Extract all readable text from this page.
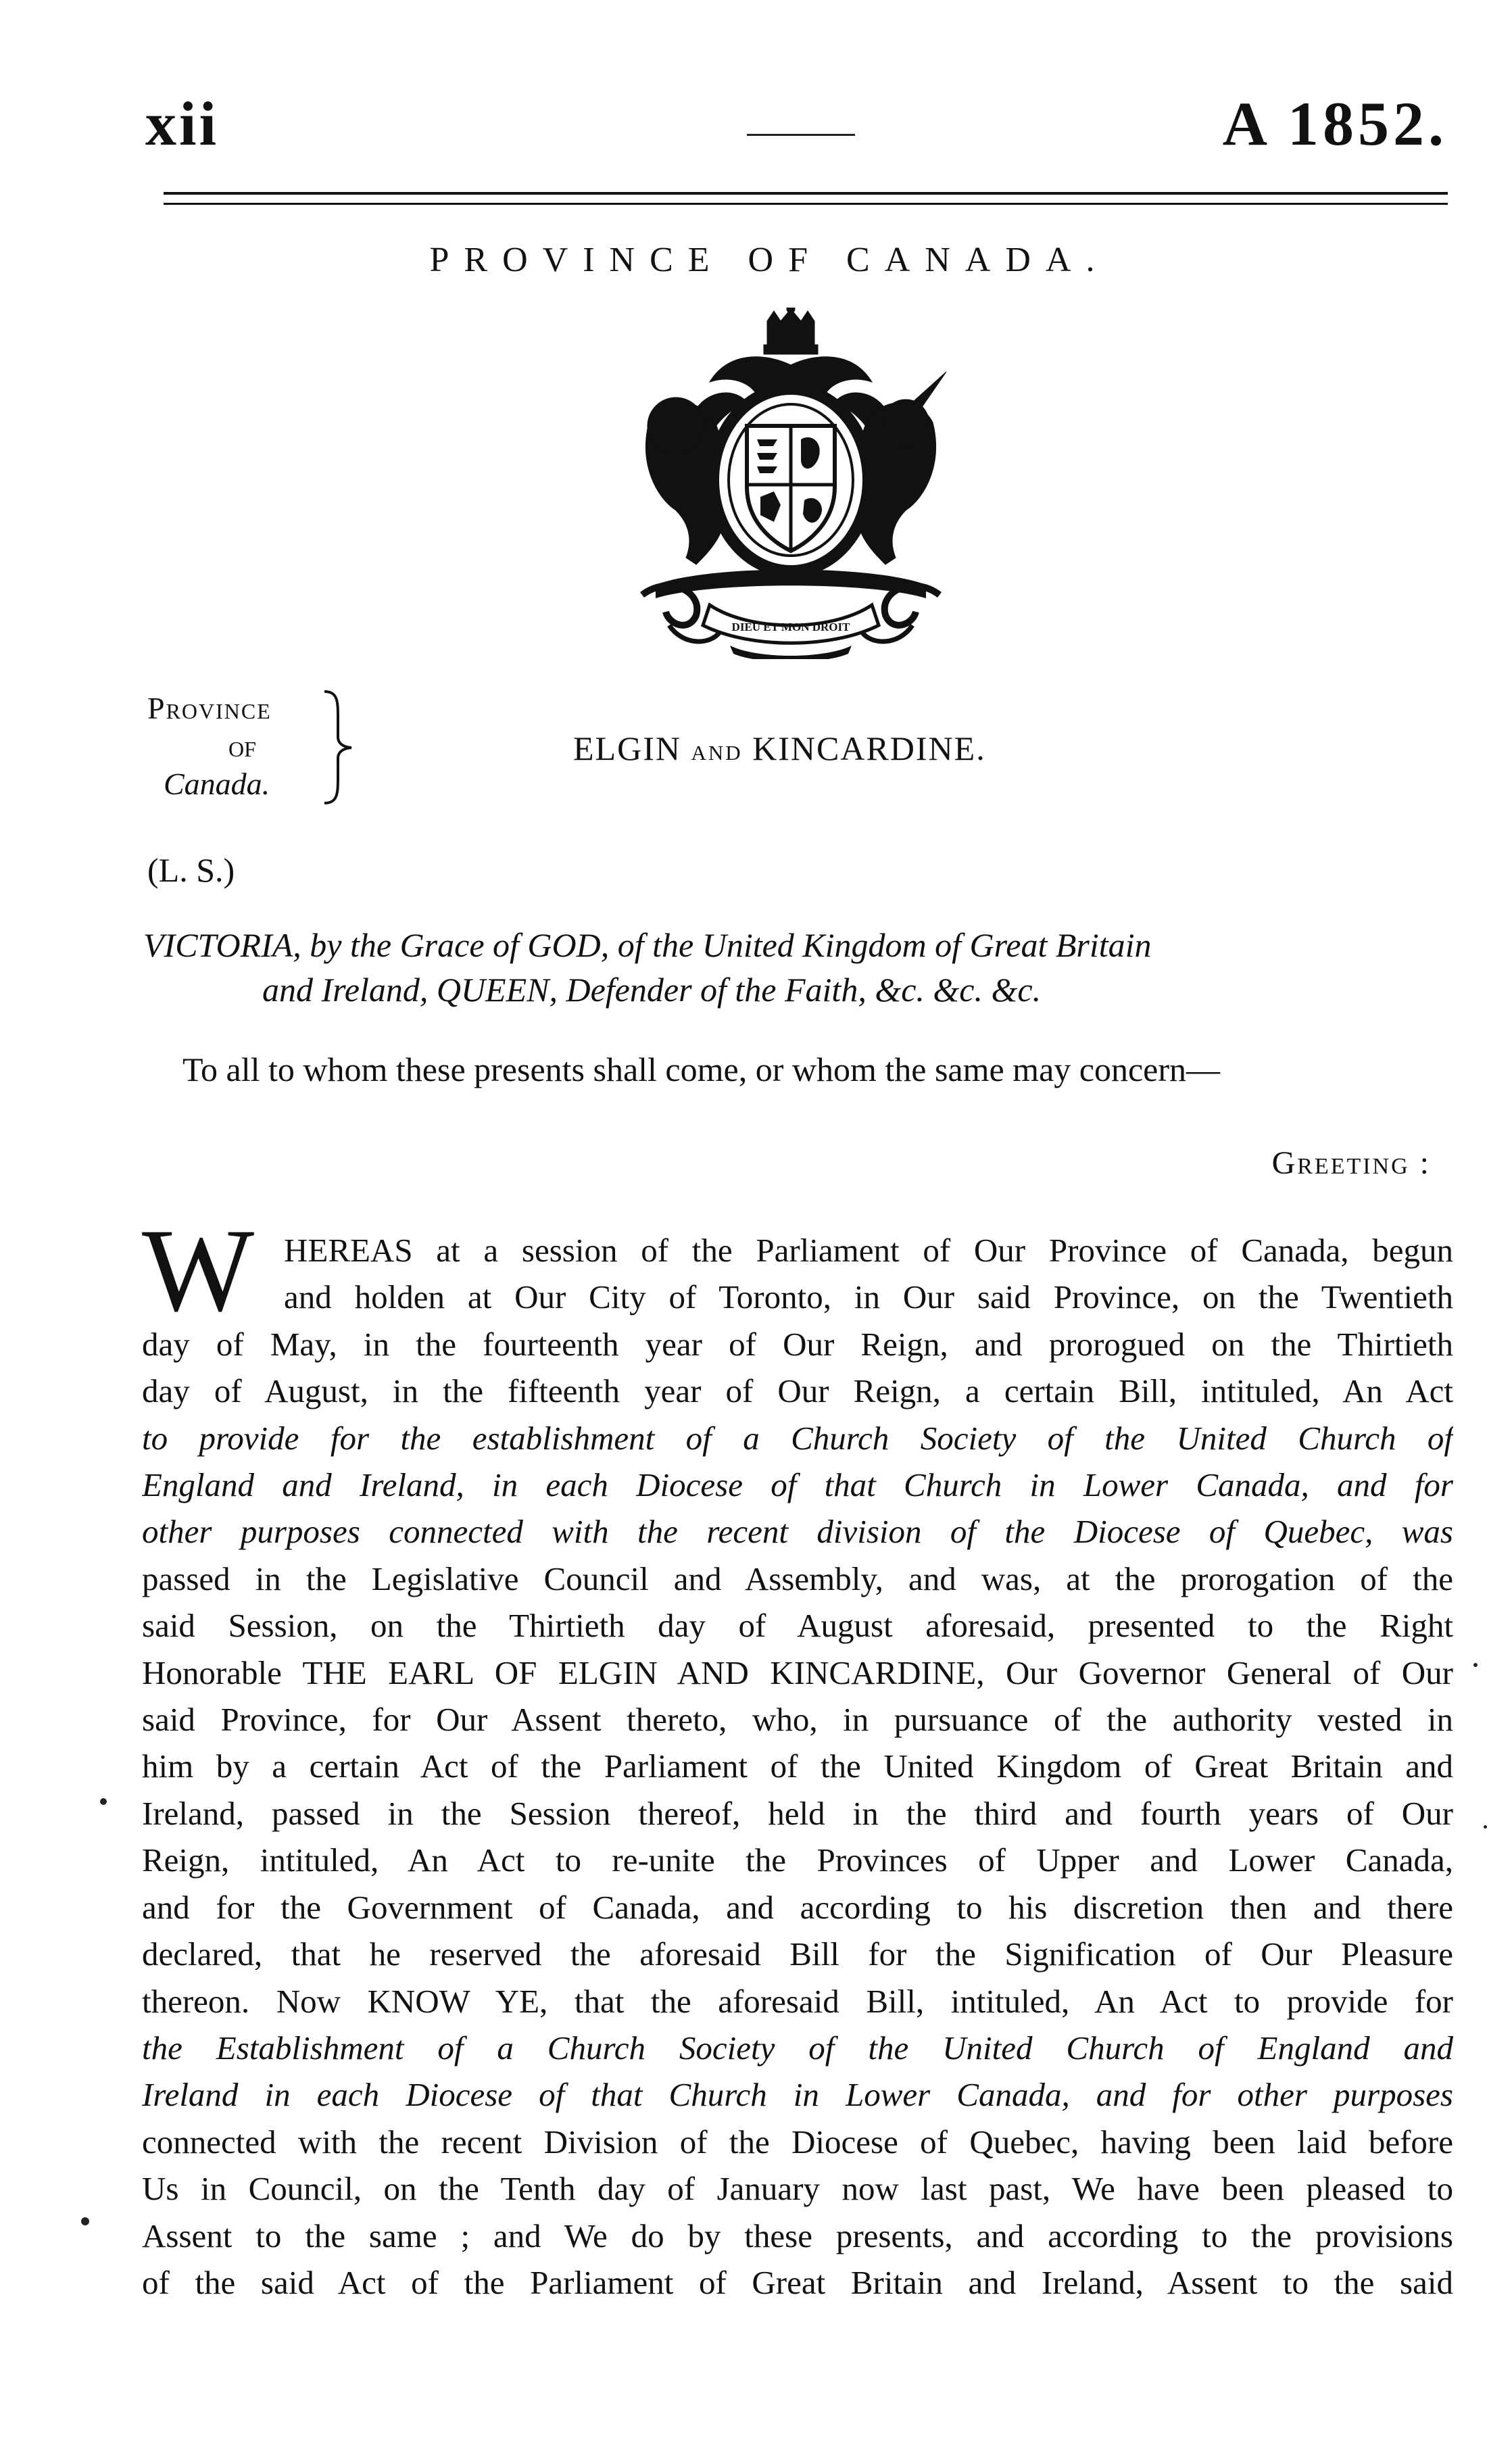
xii	A 1852.
PROVINCE OF CANADA.
DIEU ET MON DROIT
Province
of
Canada.
ELGIN and KINCARDINE.
(L. S.)
VICTORIA, by the Grace of GOD, of the United Kingdom of Great Britain
and Ireland, QUEEN, Defender of the Faith, &c. &c. &c.
To all to whom these presents shall come, or whom the same may concern—
Greeting :
W HEREAS at a session of the Parliament of Our Province of Canada, begun
and holden at Our City of Toronto, in Our said Province, on the Twentieth
day of May, in the fourteenth year of Our Reign, and prorogued on the Thirtieth
day of August, in the fifteenth year of Our Reign, a certain Bill, intituled, An Act
to provide for the establishment of a Church Society of the United Church of
England and Ireland, in each Diocese of that Church in Lower Canada, and for
other purposes connected with the recent division of the Diocese of Quebec, was
passed in the Legislative Council and Assembly, and was, at the prorogation of the
said Session, on the Thirtieth day of August aforesaid, presented to the Right
Honorable THE EARL OF ELGIN AND KINCARDINE, Our Governor General of Our
said Province, for Our Assent thereto, who, in pursuance of the authority vested in
him by a certain Act of the Parliament of the United Kingdom of Great Britain and
Ireland, passed in the Session thereof, held in the third and fourth years of Our
Reign, intituled, An Act to re-unite the Provinces of Upper and Lower Canada,
and for the Government of Canada, and according to his discretion then and there
declared, that he reserved the aforesaid Bill for the Signification of Our Pleasure
thereon. Now KNOW YE, that the aforesaid Bill, intituled, An Act to provide for
the Establishment of a Church Society of the United Church of England and
Ireland in each Diocese of that Church in Lower Canada, and for other purposes
connected with the recent Division of the Diocese of Quebec, having been laid before
Us in Council, on the Tenth day of January now last past, We have been pleased to
Assent to the same ; and We do by these presents, and according to the provisions
of the said Act of the Parliament of Great Britain and Ireland, Assent to the said
